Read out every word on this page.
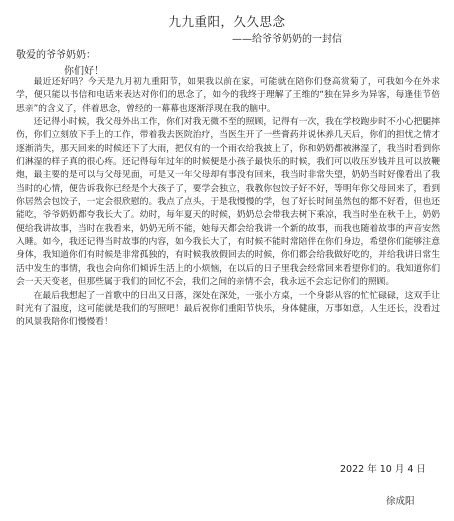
九九重阳，久久思念
——给爷爷奶奶的一封信
敬爱的爷爷奶奶：
你们好！

最近还好吗？今天是九月初九重阳节，如果我以前在家，可能就在陪你们登高赏菊了，可我如今在外求学，便只能以书信和电话来表达对你们的思念了，如今的我终于理解了王维的“独在异乡为异客，每逢佳节倍思亲”的含义了，伴着思念，曾经的一幕幕也逐渐浮现在我的脑中。

还记得小时候，我父母外出工作，你们对我无微不至的照顾，记得有一次，我在学校跑步时不小心把腿摔伤，你们立刻放下手上的工作，带着我去医院治疗，当医生开了一些膏药并说休养几天后，你们的担忧之情才逐渐消失，那天回来的时候还下了大雨，把仅有的一个雨衣给我披上了，你和奶奶都被淋湿了，我当时看到你们淋湿的样子真的很心疼。还记得每年过年的时候便是小孩子最快乐的时候，我们可以收压岁钱并且可以放鞭炮，最主要的是可以与父母见面，可是又一年父母却有事没有回来，我当时非常失望，奶奶当时好像看出了我当时的心情，便告诉我你已经是个大孩子了，要学会独立，我教你包饺子好不好，等明年你父母回来了，看到你居然会包饺子，一定会很欣慰的。我点了点头，于是我慢慢的学，包了好长时间虽然包的都不好看，但也还能吃，爷爷奶奶都夸我长大了。幼时，每年夏天的时候，奶奶总会带我去树下乘凉，我当时坐在秋千上，奶奶便给我讲故事，当时在我看来，奶奶无所不能，她每天都会给我讲一个新的故事，而我也随着故事的声音安然入睡。如今，我还记得当时故事的内容，如今我长大了，有时候不能时常陪伴在你们身边，希望你们能够注意身体，我知道你们有时候是非常孤独的，有时候我放假回去的时候，你们都会给我做好吃的，并给我讲日常生活中发生的事情，我也会向你们倾诉生活上的小烦恼，在以后的日子里我会经常回来看望你们的。我知道你们会一天天变老，但那些属于我们的回忆不会，我们之间的亲情不会，我永远不会忘记你们的照顾。

在最后我想起了一首歌中的日出又日落，深处在深处，一张小方桌，一个身影从容的忙忙碌碌，这双手让时光有了温度，这可能就是我们的写照吧！最后祝你们重阳节快乐，身体健康，万事如意，人生还长，没看过的风景我陪你们慢慢看！

2022 年 10 月 4 日
徐成阳
